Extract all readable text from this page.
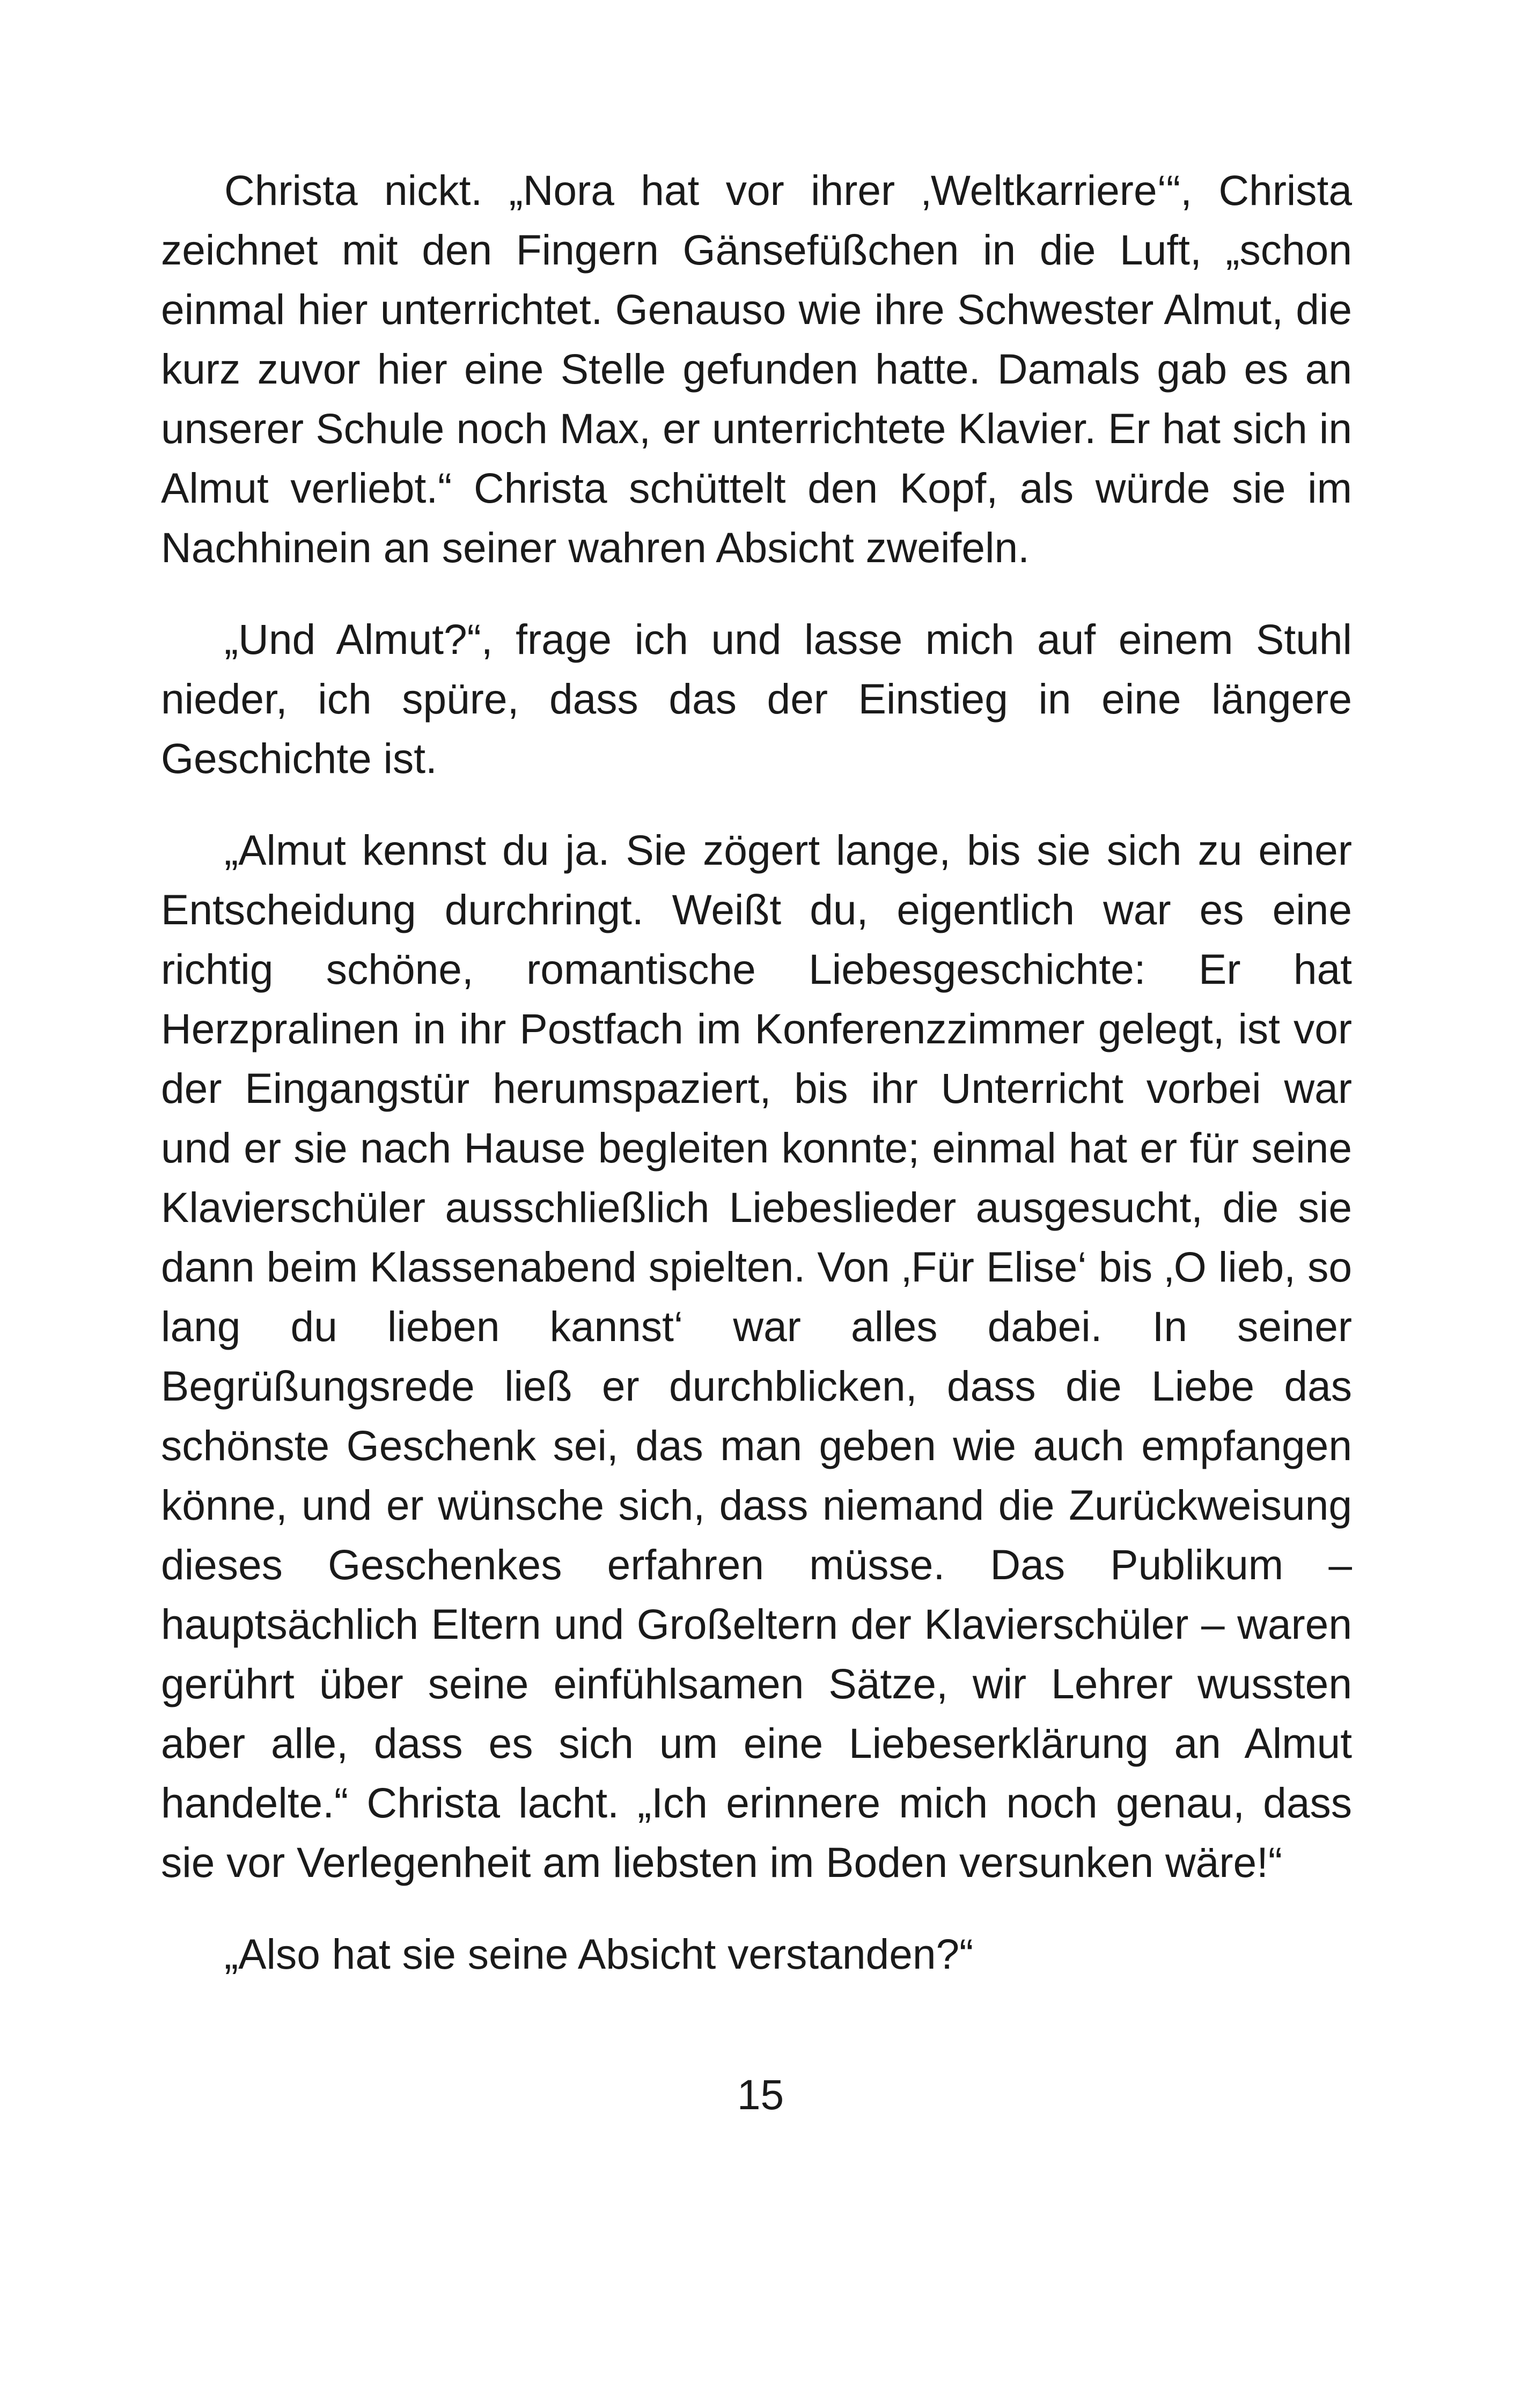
Christa nickt. „Nora hat vor ihrer ‚Weltkarriere‘“, Christa zeichnet mit den Fingern Gänsefüßchen in die Luft, „schon einmal hier unterrichtet. Genauso wie ihre Schwester Almut, die kurz zuvor hier eine Stelle gefunden hatte. Damals gab es an unserer Schule noch Max, er unterrichtete Klavier. Er hat sich in Almut verliebt.“ Christa schüttelt den Kopf, als würde sie im Nachhinein an seiner wahren Absicht zweifeln.

„Und Almut?“, frage ich und lasse mich auf einem Stuhl nieder, ich spüre, dass das der Einstieg in eine längere Geschichte ist.

„Almut kennst du ja. Sie zögert lange, bis sie sich zu einer Entscheidung durchringt. Weißt du, eigentlich war es eine richtig schöne, romantische Liebesgeschichte: Er hat Herzpralinen in ihr Postfach im Konferenzzimmer gelegt, ist vor der Eingangstür herumspaziert, bis ihr Unterricht vorbei war und er sie nach Hause begleiten konnte; einmal hat er für seine Klavierschüler ausschließlich Liebeslieder ausgesucht, die sie dann beim Klassenabend spielten. Von ‚Für Elise‘ bis ‚O lieb, so lang du lieben kannst‘ war alles dabei. In seiner Begrüßungsrede ließ er durchblicken, dass die Liebe das schönste Geschenk sei, das man geben wie auch empfangen könne, und er wünsche sich, dass niemand die Zurückweisung dieses Geschenkes erfahren müsse. Das Publikum – hauptsächlich Eltern und Großeltern der Klavierschüler – waren gerührt über seine einfühlsamen Sätze, wir Lehrer wussten aber alle, dass es sich um eine Liebeserklärung an Almut handelte.“ Christa lacht. „Ich erinnere mich noch genau, dass sie vor Verlegenheit am liebsten im Boden versunken wäre!“

„Also hat sie seine Absicht verstanden?“

15
